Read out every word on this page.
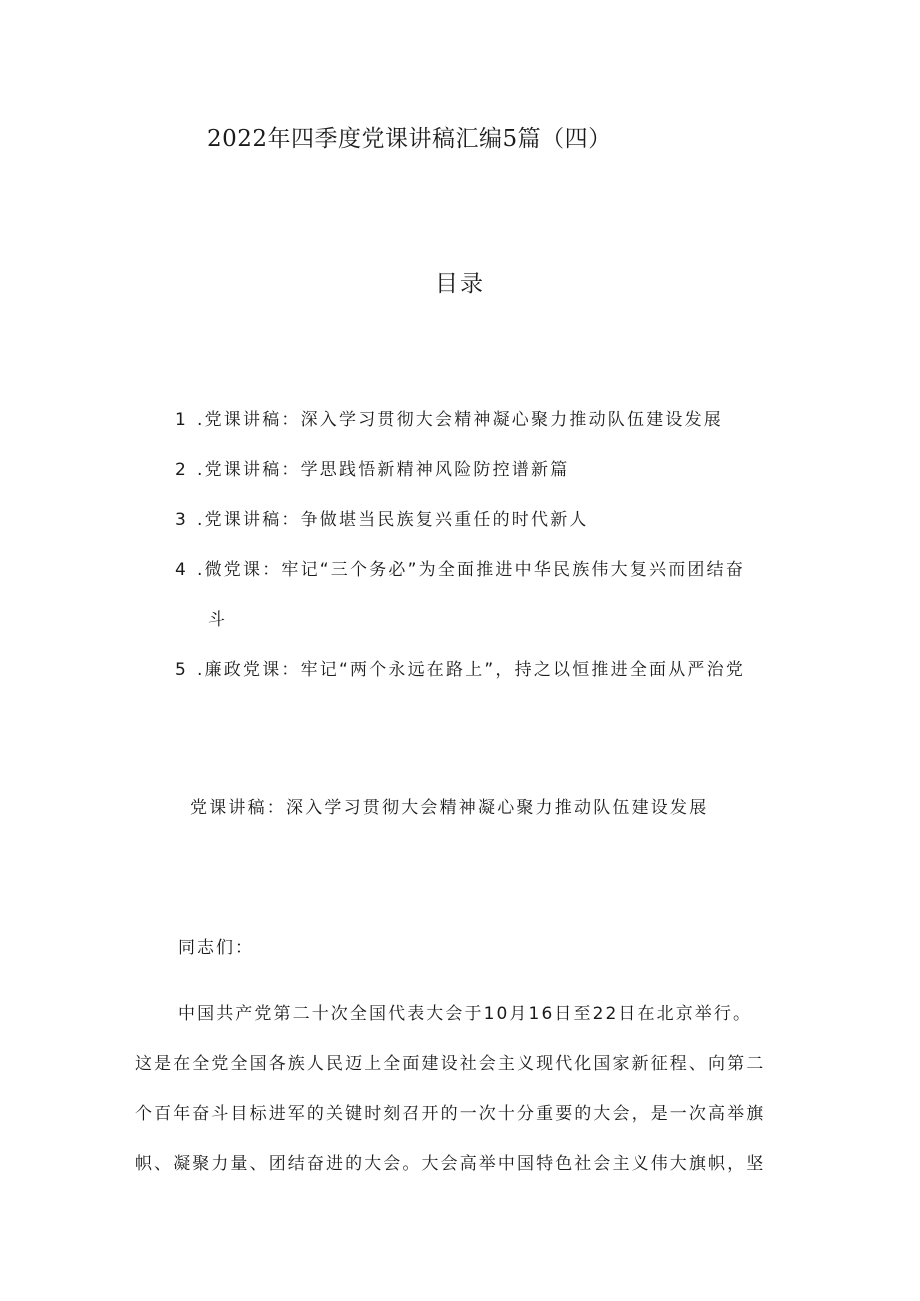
2022年四季度党课讲稿汇编5篇（四）
目录
1 .党课讲稿：深入学习贯彻大会精神凝心聚力推动队伍建设发展
2 .党课讲稿：学思践悟新精神风险防控谱新篇
3 .党课讲稿：争做堪当民族复兴重任的时代新人
4 .微党课：牢记“三个务必”为全面推进中华民族伟大复兴而团结奋
斗
5 .廉政党课：牢记“两个永远在路上”，持之以恒推进全面从严治党
党课讲稿：深入学习贯彻大会精神凝心聚力推动队伍建设发展
同志们：
中国共产党第二十次全国代表大会于10月16日至22日在北京举行。
这是在全党全国各族人民迈上全面建设社会主义现代化国家新征程、向第二
个百年奋斗目标进军的关键时刻召开的一次十分重要的大会，是一次高举旗
帜、凝聚力量、团结奋进的大会。大会高举中国特色社会主义伟大旗帜，坚
